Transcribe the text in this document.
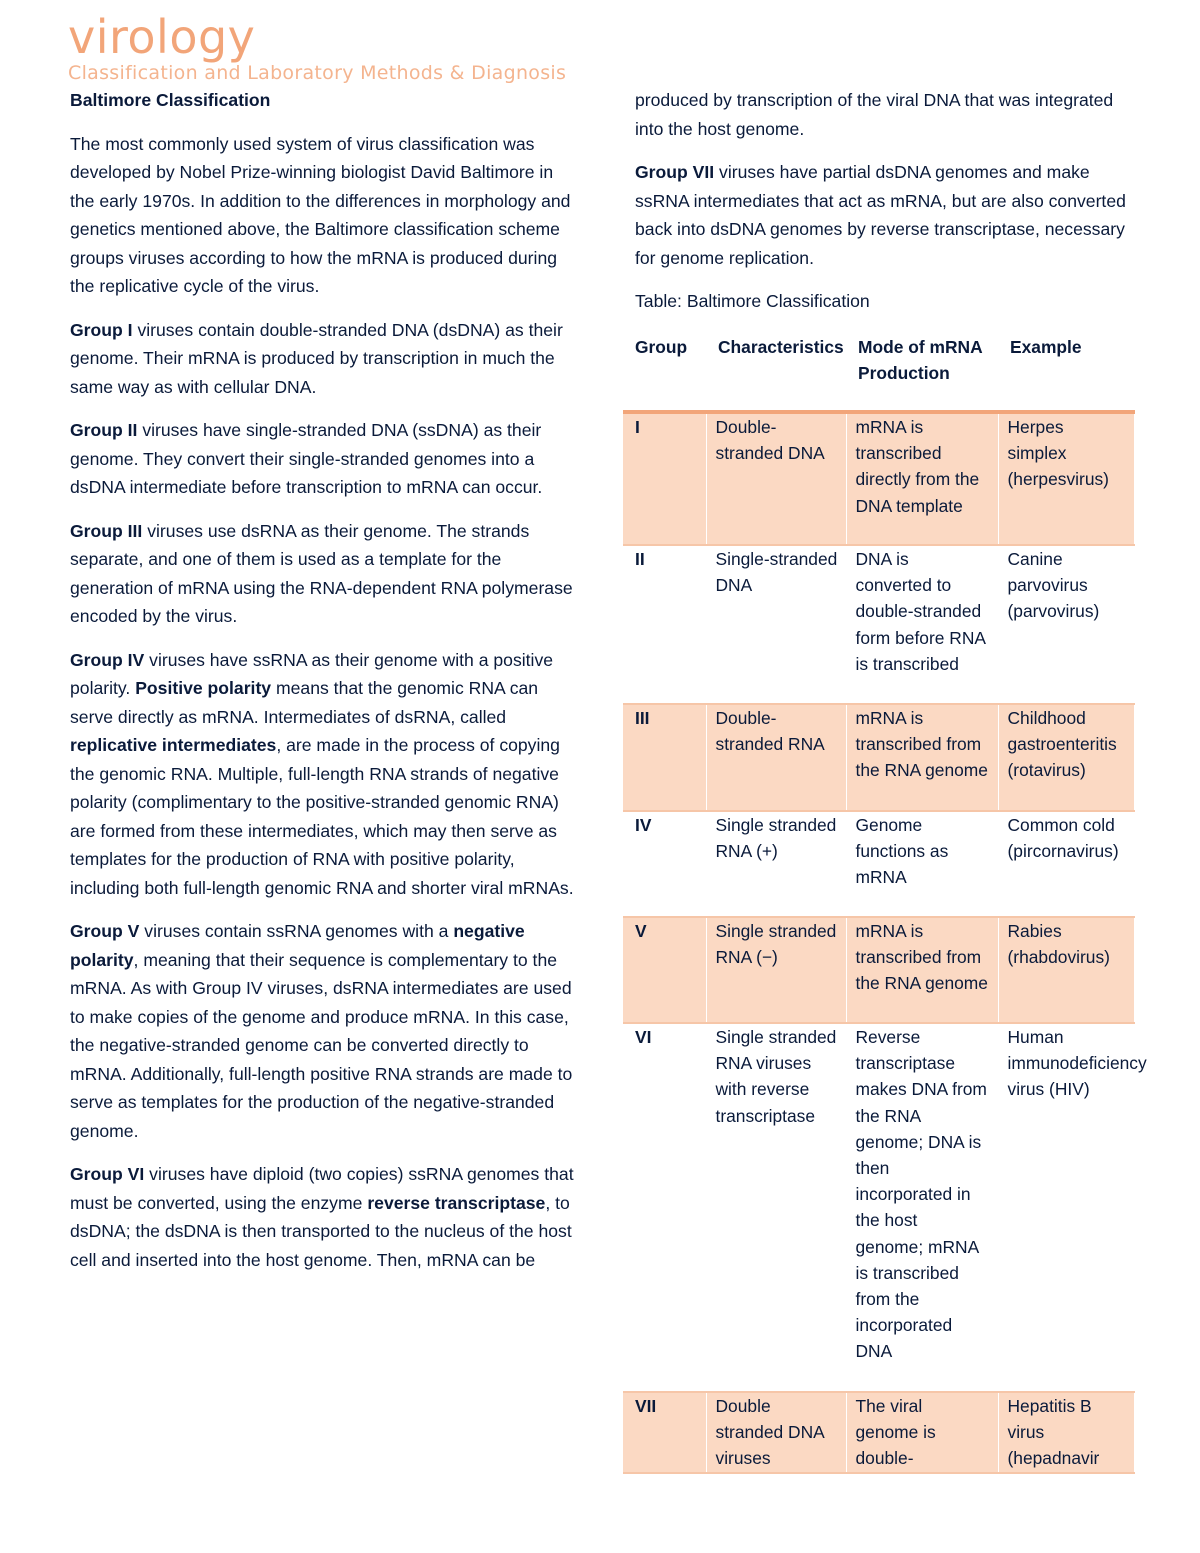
virology
Classification and Laboratory Methods & Diagnosis
Baltimore Classification

The most commonly used system of virus classification was developed by Nobel Prize-winning biologist David Baltimore in the early 1970s. In addition to the differences in morphology and genetics mentioned above, the Baltimore classification scheme groups viruses according to how the mRNA is produced during the replicative cycle of the virus.

Group I viruses contain double-stranded DNA (dsDNA) as their genome. Their mRNA is produced by transcription in much the same way as with cellular DNA.

Group II viruses have single-stranded DNA (ssDNA) as their genome. They convert their single-stranded genomes into a dsDNA intermediate before transcription to mRNA can occur.

Group III viruses use dsRNA as their genome. The strands separate, and one of them is used as a template for the generation of mRNA using the RNA-dependent RNA polymerase encoded by the virus.

Group IV viruses have ssRNA as their genome with a positive polarity. Positive polarity means that the genomic RNA can serve directly as mRNA. Intermediates of dsRNA, called replicative intermediates, are made in the process of copying the genomic RNA. Multiple, full-length RNA strands of negative polarity (complimentary to the positive-stranded genomic RNA) are formed from these intermediates, which may then serve as templates for the production of RNA with positive polarity, including both full-length genomic RNA and shorter viral mRNAs.

Group V viruses contain ssRNA genomes with a negative polarity, meaning that their sequence is complementary to the mRNA. As with Group IV viruses, dsRNA intermediates are used to make copies of the genome and produce mRNA. In this case, the negative-stranded genome can be converted directly to mRNA. Additionally, full-length positive RNA strands are made to serve as templates for the production of the negative-stranded genome.

Group VI viruses have diploid (two copies) ssRNA genomes that must be converted, using the enzyme reverse transcriptase, to dsDNA; the dsDNA is then transported to the nucleus of the host cell and inserted into the host genome. Then, mRNA can be

produced by transcription of the viral DNA that was integrated into the host genome.

Group VII viruses have partial dsDNA genomes and make ssRNA intermediates that act as mRNA, but are also converted back into dsDNA genomes by reverse transcriptase, necessary for genome replication.

Table: Baltimore Classification

Group	Characteristics	Mode of mRNA Production	Example
I	Double-stranded DNA	mRNA is transcribed directly from the DNA template	Herpes simplex (herpesvirus)
II	Single-stranded DNA	DNA is converted to double-stranded form before RNA is transcribed	Canine parvovirus (parvovirus)
III	Double-stranded RNA	mRNA is transcribed from the RNA genome	Childhood gastroenteritis (rotavirus)
IV	Single stranded RNA (+)	Genome functions as mRNA	Common cold (pircornavirus)
V	Single stranded RNA (−)	mRNA is transcribed from the RNA genome	Rabies (rhabdovirus)
VI	Single stranded RNA viruses with reverse transcriptase	Reverse transcriptase makes DNA from the RNA genome; DNA is then incorporated in the host genome; mRNA is transcribed from the incorporated DNA	Human immunodeficiency virus (HIV)
VII	Double stranded DNA viruses	The viral genome is double-	Hepatitis B virus (hepadnavir
